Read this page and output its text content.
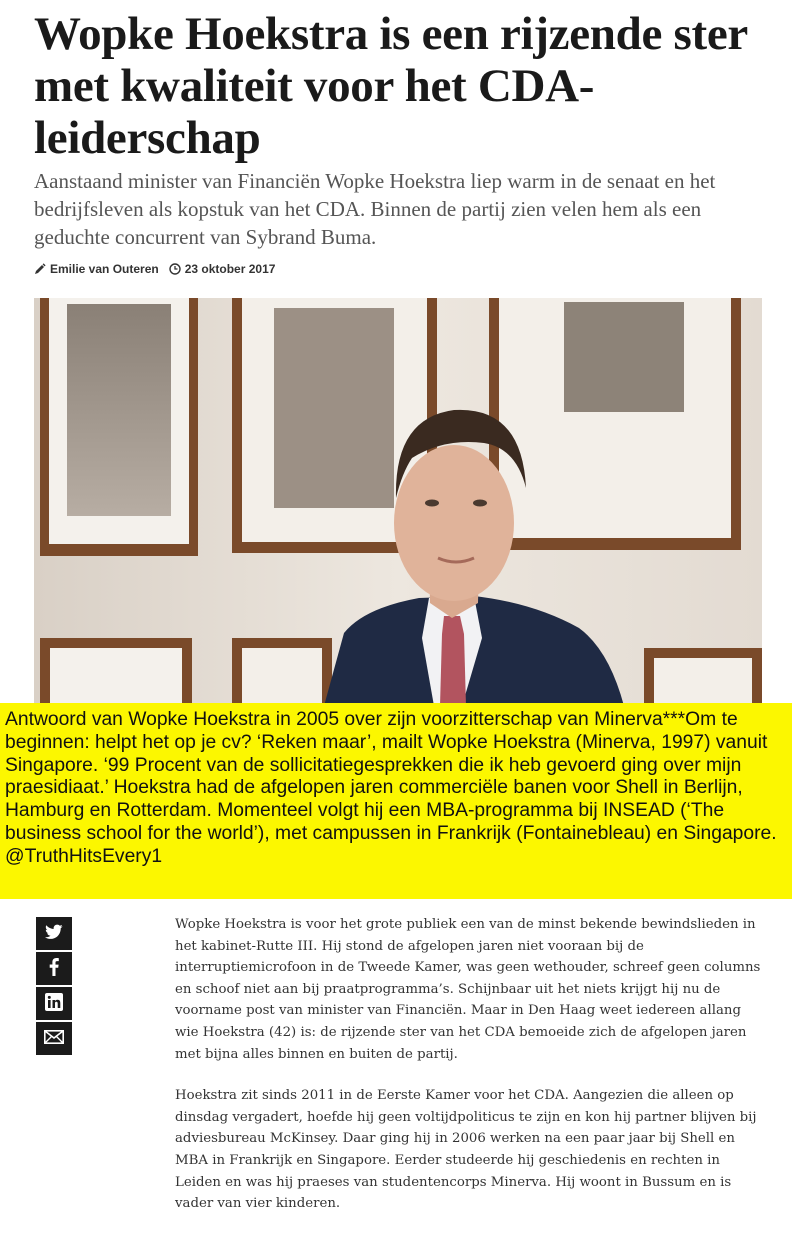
Wopke Hoekstra is een rijzende ster met kwaliteit voor het CDA-leiderschap

Aanstaand minister van Financiën Wopke Hoekstra liep warm in de senaat en het bedrijfsleven als kopstuk van het CDA. Binnen de partij zien velen hem als een geduchte concurrent van Sybrand Buma.

Emilie van Outeren 23 oktober 2017
Antwoord van Wopke Hoekstra in 2005 over zijn voorzitterschap van Minerva***Om te beginnen: helpt het op je cv? ‘Reken maar’, mailt Wopke Hoekstra (Minerva, 1997) vanuit Singapore. ‘99 Procent van de sollicitatiegesprekken die ik heb gevoerd ging over mijn praesidiaat.’ Hoekstra had de afgelopen jaren commerciële banen voor Shell in Berlijn, Hamburg en Rotterdam. Momenteel volgt hij een MBA-programma bij INSEAD (‘The business school for the world’), met campussen in Frankrijk (Fontainebleau) en Singapore. @TruthHitsEvery1

Wopke Hoekstra is voor het grote publiek een van de minst bekende bewindslieden in het kabinet-Rutte III. Hij stond de afgelopen jaren niet vooraan bij de interruptiemicrofoon in de Tweede Kamer, was geen wethouder, schreef geen columns en schoof niet aan bij praatprogramma’s. Schijnbaar uit het niets krijgt hij nu de voorname post van minister van Financiën. Maar in Den Haag weet iedereen allang wie Hoekstra (42) is: de rijzende ster van het CDA bemoeide zich de afgelopen jaren met bijna alles binnen en buiten de partij.

Hoekstra zit sinds 2011 in de Eerste Kamer voor het CDA. Aangezien die alleen op dinsdag vergadert, hoefde hij geen voltijdpoliticus te zijn en kon hij partner blijven bij adviesbureau McKinsey. Daar ging hij in 2006 werken na een paar jaar bij Shell en MBA in Frankrijk en Singapore. Eerder studeerde hij geschiedenis en rechten in Leiden en was hij praeses van studentencorps Minerva. Hij woont in Bussum en is vader van vier kinderen.
